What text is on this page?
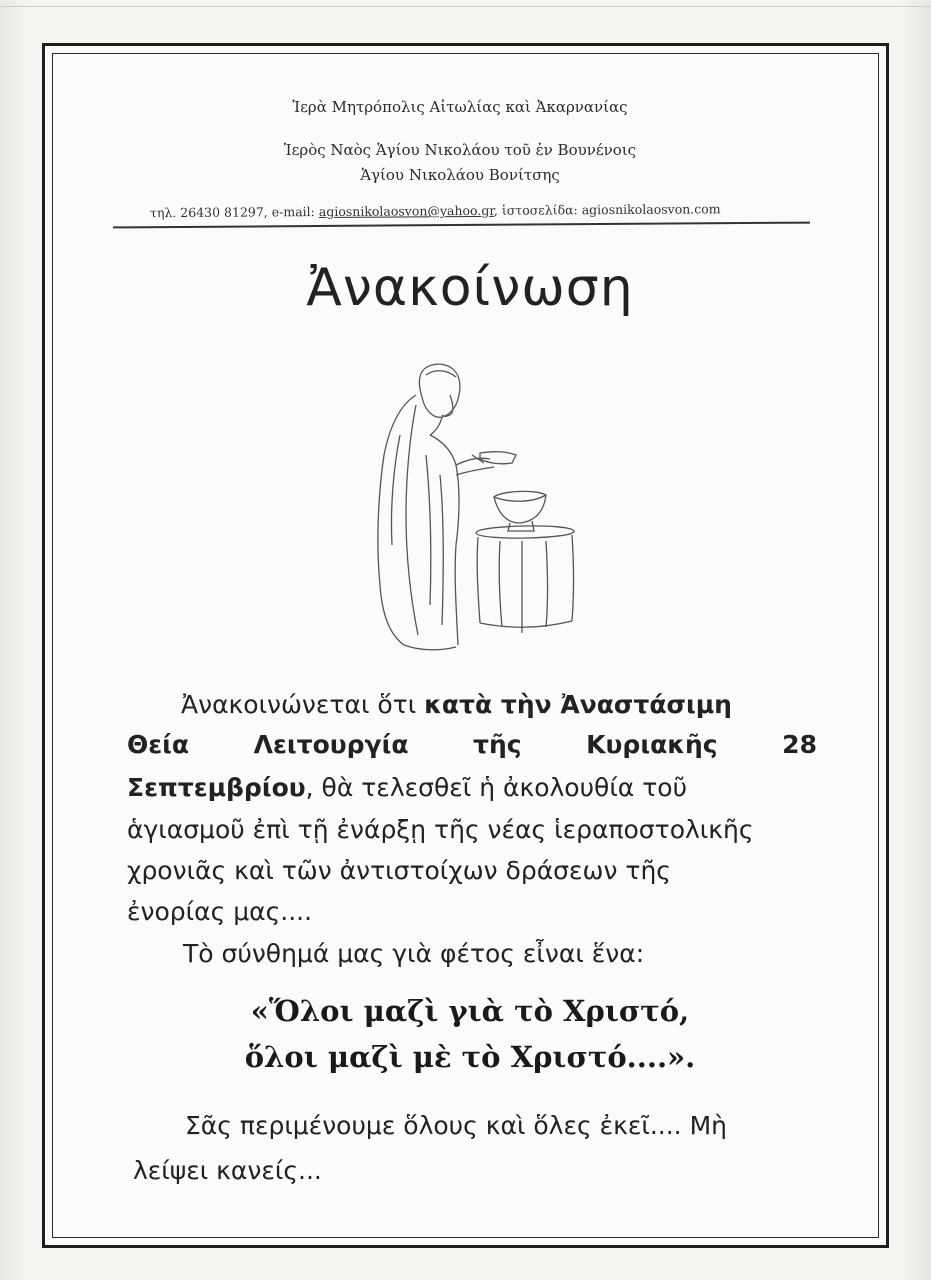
Ἱερὰ Μητρόπολις Αἰτωλίας καὶ Ἀκαρνανίας
Ἱερὸς Ναὸς Ἁγίου Νικολάου τοῦ ἐν Βουνένοις
Ἁγίου Νικολάου Βονίτσης
τηλ. 26430 81297, e-mail: agiosnikolaosvon@yahoo.gr, ἱστοσελίδα: agiosnikolaosvon.com
Ἀνακοίνωση
Ἀνακοινώνεται ὅτι κατὰ τὴν Ἀναστάσιμη
Θεία	Λειτουργία	τῆς	Κυριακῆς	28
Σεπτεμβρίου, θὰ τελεσθεῖ ἡ ἀκολουθία τοῦ
ἁγιασμοῦ ἐπὶ τῇ ἐνάρξῃ τῆς νέας ἱεραποστολικῆς
χρονιᾶς καὶ τῶν ἀντιστοίχων δράσεων τῆς
ἐνορίας μας....
Τὸ σύνθημά μας γιὰ φέτος εἶναι ἕνα:
«Ὅλοι μαζὶ γιὰ τὸ Χριστό,
ὅλοι μαζὶ μὲ τὸ Χριστό....».
Σᾶς περιμένουμε ὅλους καὶ ὅλες ἐκεῖ.... Μὴ
λείψει κανείς...
